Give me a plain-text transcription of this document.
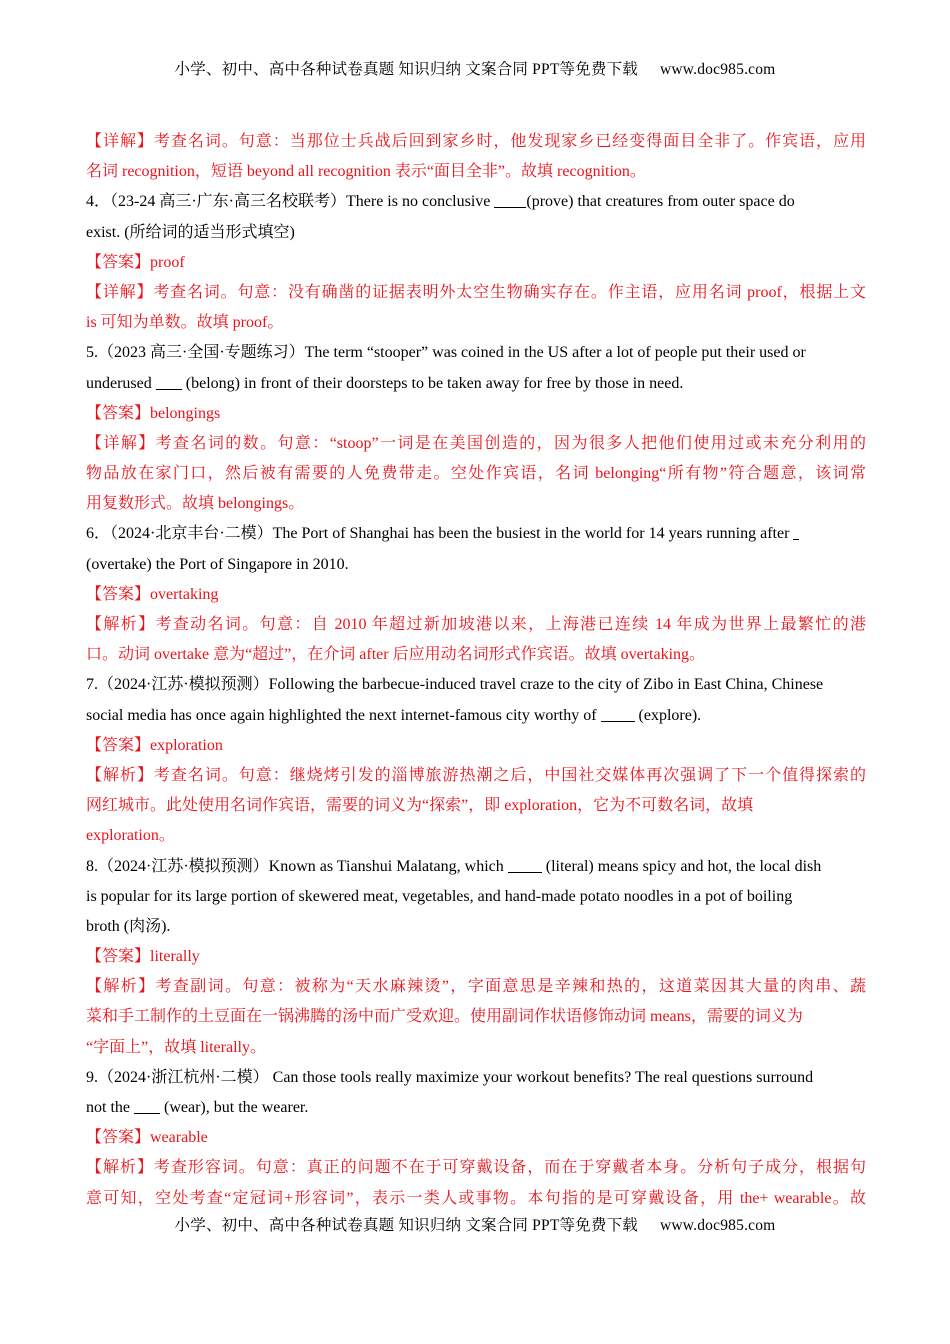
小学、初中、高中各种试卷真题 知识归纳 文案合同 PPT等免费下载 www.doc985.com
【详解】考查名词。句意：当那位士兵战后回到家乡时，他发现家乡已经变得面目全非了。作宾语，应用
名词 recognition，短语 beyond all recognition 表示“面目全非”。故填 recognition。
4．（23-24 高三·广东·高三名校联考）There is no conclusive (prove) that creatures from outer space do
exist. (所给词的适当形式填空)
【答案】proof
【详解】考查名词。句意：没有确凿的证据表明外太空生物确实存在。作主语，应用名词 proof，根据上文
is 可知为单数。故填 proof。
5.（2023 高三·全国·专题练习）The term “stooper” was coined in the US after a lot of people put their used or
underused  (belong) in front of their doorsteps to be taken away for free by those in need.
【答案】belongings
【详解】考查名词的数。句意：“stoop”一词是在美国创造的，因为很多人把他们使用过或未充分利用的
物品放在家门口，然后被有需要的人免费带走。空处作宾语，名词 belonging“所有物”符合题意，该词常
用复数形式。故填 belongings。
6．（2024·北京丰台·二模）The Port of Shanghai has been the busiest in the world for 14 years running after
(overtake) the Port of Singapore in 2010.
【答案】overtaking
【解析】考查动名词。句意：自 2010 年超过新加坡港以来，上海港已连续 14 年成为世界上最繁忙的港
口。动词 overtake 意为“超过”，在介词 after 后应用动名词形式作宾语。故填 overtaking。
7.（2024·江苏·模拟预测）Following the barbecue-induced travel craze to the city of Zibo in East China, Chinese
social media has once again highlighted the next internet-famous city worthy of  (explore).
【答案】exploration
【解析】考查名词。句意：继烧烤引发的淄博旅游热潮之后，中国社交媒体再次强调了下一个值得探索的
网红城市。此处使用名词作宾语，需要的词义为“探索”，即 exploration，它为不可数名词，故填
exploration。
8.（2024·江苏·模拟预测）Known as Tianshui Malatang, which  (literal) means spicy and hot, the local dish
is popular for its large portion of skewered meat, vegetables, and hand-made potato noodles in a pot of boiling
broth (肉汤).
【答案】literally
【解析】考查副词。句意：被称为“天水麻辣烫”，字面意思是辛辣和热的，这道菜因其大量的肉串、蔬
菜和手工制作的土豆面在一锅沸腾的汤中而广受欢迎。使用副词作状语修饰动词 means，需要的词义为
“字面上”，故填 literally。
9.（2024·浙江杭州·二模） Can those tools really maximize your workout benefits? The real questions surround
not the  (wear), but the wearer.
【答案】wearable
【解析】考查形容词。句意：真正的问题不在于可穿戴设备，而在于穿戴者本身。分析句子成分，根据句
意可知，空处考查“定冠词+形容词”，表示一类人或事物。本句指的是可穿戴设备，用 the+ wearable。故
小学、初中、高中各种试卷真题 知识归纳 文案合同 PPT等免费下载 www.doc985.com
